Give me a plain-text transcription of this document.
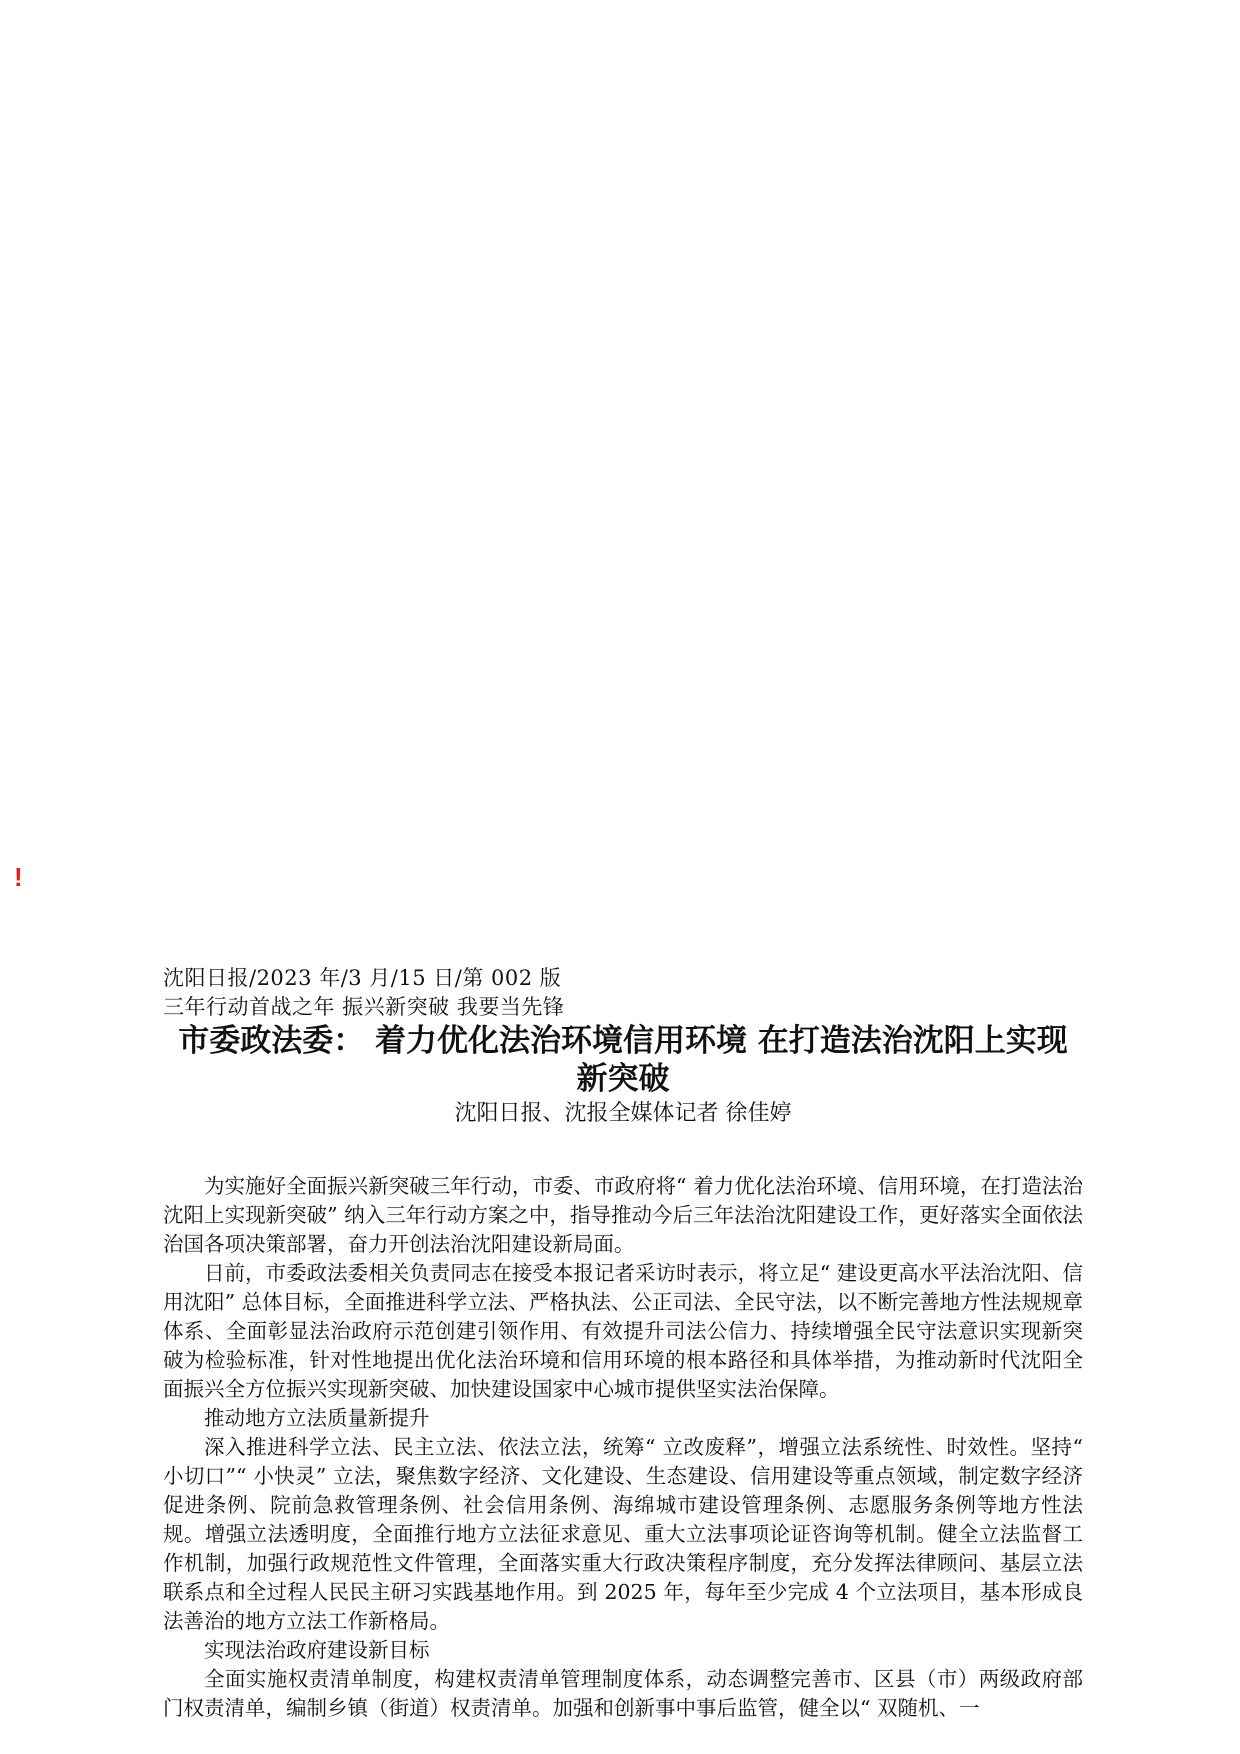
!
沈阳日报/2023 年/3 月/15 日/第 002 版
三年行动首战之年 振兴新突破 我要当先锋
市委政法委： 着力优化法治环境信用环境 在打造法治沈阳上实现新突破
沈阳日报、沈报全媒体记者 徐佳婷

为实施好全面振兴新突破三年行动，市委、市政府将“ 着力优化法治环境、信用环境，在打造法治沈阳上实现新突破” 纳入三年行动方案之中，指导推动今后三年法治沈阳建设工作，更好落实全面依法治国各项决策部署，奋力开创法治沈阳建设新局面。

日前，市委政法委相关负责同志在接受本报记者采访时表示，将立足“ 建设更高水平法治沈阳、信用沈阳” 总体目标，全面推进科学立法、严格执法、公正司法、全民守法，以不断完善地方性法规规章体系、全面彰显法治政府示范创建引领作用、有效提升司法公信力、持续增强全民守法意识实现新突破为检验标准，针对性地提出优化法治环境和信用环境的根本路径和具体举措，为推动新时代沈阳全面振兴全方位振兴实现新突破、加快建设国家中心城市提供坚实法治保障。

推动地方立法质量新提升

深入推进科学立法、民主立法、依法立法，统筹“ 立改废释”，增强立法系统性、时效性。坚持“ 小切口”“ 小快灵” 立法，聚焦数字经济、文化建设、生态建设、信用建设等重点领域，制定数字经济促进条例、院前急救管理条例、社会信用条例、海绵城市建设管理条例、志愿服务条例等地方性法规。增强立法透明度，全面推行地方立法征求意见、重大立法事项论证咨询等机制。健全立法监督工作机制，加强行政规范性文件管理，全面落实重大行政决策程序制度，充分发挥法律顾问、基层立法联系点和全过程人民民主研习实践基地作用。到 2025 年，每年至少完成 4 个立法项目，基本形成良法善治的地方立法工作新格局。

实现法治政府建设新目标

全面实施权责清单制度，构建权责清单管理制度体系，动态调整完善市、区县（市）两级政府部门权责清单，编制乡镇（街道）权责清单。加强和创新事中事后监管，健全以“ 双随机、一
